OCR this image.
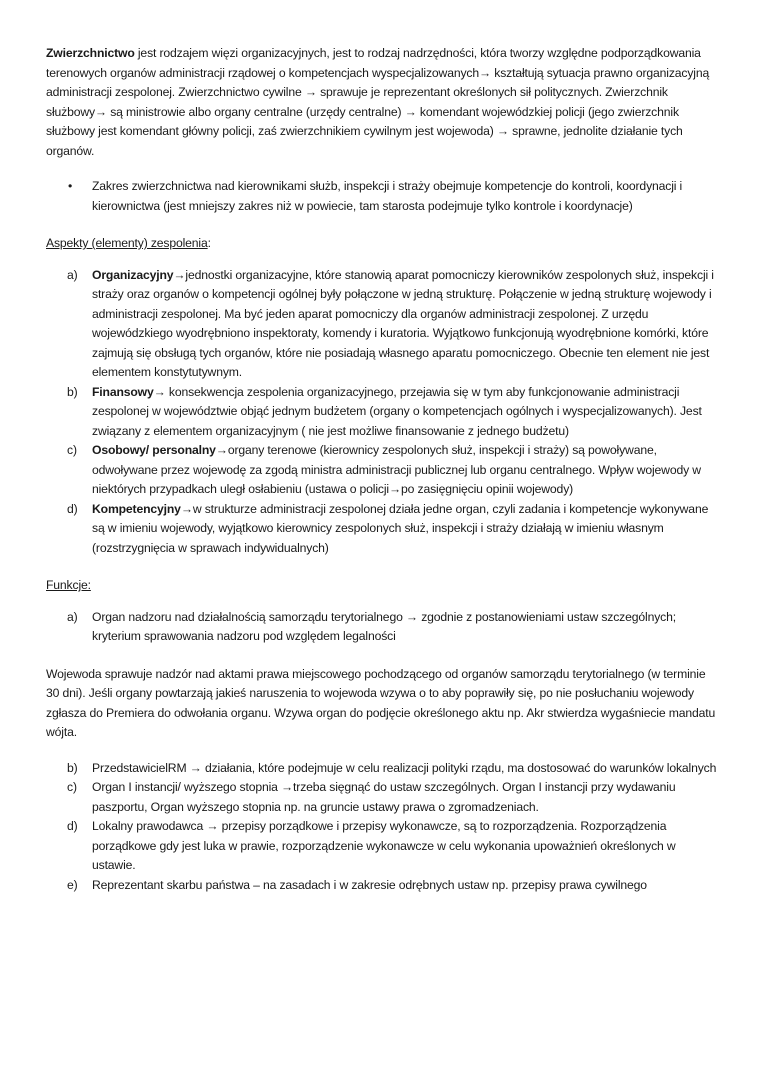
Zwierzchnictwo jest rodzajem więzi organizacyjnych, jest to rodzaj nadrzędności, która tworzy względne podporządkowania terenowych organów administracji rządowej o kompetencjach wyspecjalizowanych→ kształtują sytuacja prawno organizacyjną administracji zespolonej. Zwierzchnictwo cywilne → sprawuje je reprezentant określonych sił politycznych. Zwierzchnik służbowy→ są ministrowie albo organy centralne (urzędy centralne) → komendant wojewódzkiej policji (jego zwierzchnik służbowy jest komendant główny policji, zaś zwierzchnikiem cywilnym jest wojewoda) → sprawne, jednolite działanie tych organów.

• Zakres zwierzchnictwa nad kierownikami służb, inspekcji i straży obejmuje kompetencje do kontroli, koordynacji i kierownictwa (jest mniejszy zakres niż w powiecie, tam starosta podejmuje tylko kontrole i koordynacje)

Aspekty (elementy) zespolenia:

a) Organizacyjny→jednostki organizacyjne, które stanowią aparat pomocniczy kierowników zespolonych służ, inspekcji i straży oraz organów o kompetencji ogólnej były połączone w jedną strukturę. Połączenie w jedną strukturę wojewody i administracji zespolonej. Ma być jeden aparat pomocniczy dla organów administracji zespolonej. Z urzędu wojewódzkiego wyodrębniono inspektoraty, komendy i kuratoria. Wyjątkowo funkcjonują wyodrębnione komórki, które zajmują się obsługą tych organów, które nie posiadają własnego aparatu pomocniczego. Obecnie ten element nie jest elementem konstytutywnym.
b) Finansowy→ konsekwencja zespolenia organizacyjnego, przejawia się w tym aby funkcjonowanie administracji zespolonej w województwie objąć jednym budżetem (organy o kompetencjach ogólnych i wyspecjalizowanych). Jest związany z elementem organizacyjnym ( nie jest możliwe finansowanie z jednego budżetu)
c) Osobowy/ personalny→organy terenowe (kierownicy zespolonych służ, inspekcji i straży) są powoływane, odwoływane przez wojewodę za zgodą ministra administracji publicznej lub organu centralnego. Wpływ wojewody w niektórych przypadkach uległ osłabieniu (ustawa o policji→po zasięgnięciu opinii wojewody)
d) Kompetencyjny→w strukturze administracji zespolonej działa jedne organ, czyli zadania i kompetencje wykonywane są w imieniu wojewody, wyjątkowo kierownicy zespolonych służ, inspekcji i straży działają w imieniu własnym (rozstrzygnięcia w sprawach indywidualnych)

Funkcje:

a) Organ nadzoru nad działalnością samorządu terytorialnego → zgodnie z postanowieniami ustaw szczególnych; kryterium sprawowania nadzoru pod względem legalności

Wojewoda sprawuje nadzór nad aktami prawa miejscowego pochodzącego od organów samorządu terytorialnego (w terminie 30 dni). Jeśli organy powtarzają jakieś naruszenia to wojewoda wzywa o to aby poprawiły się, po nie posłuchaniu wojewody zgłasza do Premiera do odwołania organu. Wzywa organ do podjęcie określonego aktu np. Akr stwierdza wygaśniecie mandatu wójta.

b) PrzedstawicielRM → działania, które podejmuje w celu realizacji polityki rządu, ma dostosować do warunków lokalnych
c) Organ I instancji/ wyższego stopnia →trzeba sięgnąć do ustaw szczególnych. Organ I instancji przy wydawaniu paszportu, Organ wyższego stopnia np. na gruncie ustawy prawa o zgromadzeniach.
d) Lokalny prawodawca → przepisy porządkowe i przepisy wykonawcze, są to rozporządzenia. Rozporządzenia porządkowe gdy jest luka w prawie, rozporządzenie wykonawcze w celu wykonania upoważnień określonych w ustawie.
e) Reprezentant skarbu państwa – na zasadach i w zakresie odrębnych ustaw np. przepisy prawa cywilnego
